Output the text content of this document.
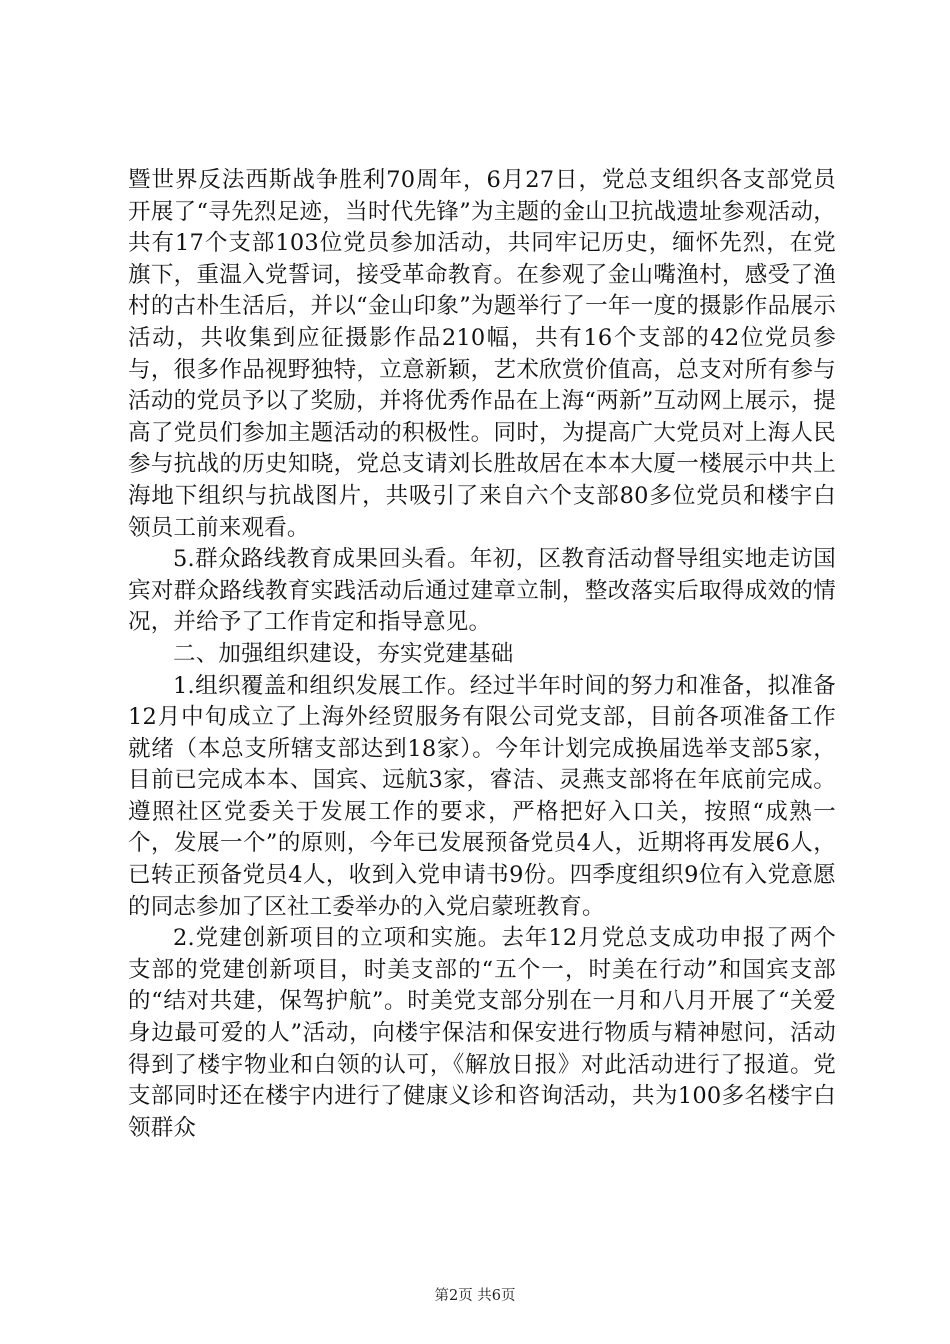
暨世界反法西斯战争胜利70周年，6月27日，党总支组织各支部党员开展了“寻先烈足迹，当时代先锋”为主题的金山卫抗战遗址参观活动，共有17个支部103位党员参加活动，共同牢记历史，缅怀先烈，在党旗下，重温入党誓词，接受革命教育。在参观了金山嘴渔村，感受了渔村的古朴生活后，并以“金山印象”为题举行了一年一度的摄影作品展示活动，共收集到应征摄影作品210幅，共有16个支部的42位党员参与，很多作品视野独特，立意新颖，艺术欣赏价值高，总支对所有参与活动的党员予以了奖励，并将优秀作品在上海“两新”互动网上展示，提高了党员们参加主题活动的积极性。同时，为提高广大党员对上海人民参与抗战的历史知晓，党总支请刘长胜故居在本本大厦一楼展示中共上海地下组织与抗战图片，共吸引了来自六个支部80多位党员和楼宇白领员工前来观看。

5.群众路线教育成果回头看。年初，区教育活动督导组实地走访国宾对群众路线教育实践活动后通过建章立制，整改落实后取得成效的情况，并给予了工作肯定和指导意见。

二、加强组织建设，夯实党建基础

1.组织覆盖和组织发展工作。经过半年时间的努力和准备，拟准备12月中旬成立了上海外经贸服务有限公司党支部，目前各项准备工作就绪（本总支所辖支部达到18家）。今年计划完成换届选举支部5家，目前已完成本本、国宾、远航3家，睿洁、灵燕支部将在年底前完成。遵照社区党委关于发展工作的要求，严格把好入口关，按照“成熟一个，发展一个”的原则，今年已发展预备党员4人，近期将再发展6人，已转正预备党员4人，收到入党申请书9份。四季度组织9位有入党意愿的同志参加了区社工委举办的入党启蒙班教育。

2.党建创新项目的立项和实施。去年12月党总支成功申报了两个支部的党建创新项目，时美支部的“五个一，时美在行动”和国宾支部的“结对共建，保驾护航”。时美党支部分别在一月和八月开展了“关爱身边最可爱的人”活动，向楼宇保洁和保安进行物质与精神慰问，活动得到了楼宇物业和白领的认可，《解放日报》对此活动进行了报道。党支部同时还在楼宇内进行了健康义诊和咨询活动，共为100多名楼宇白领群众

第2页 共6页
